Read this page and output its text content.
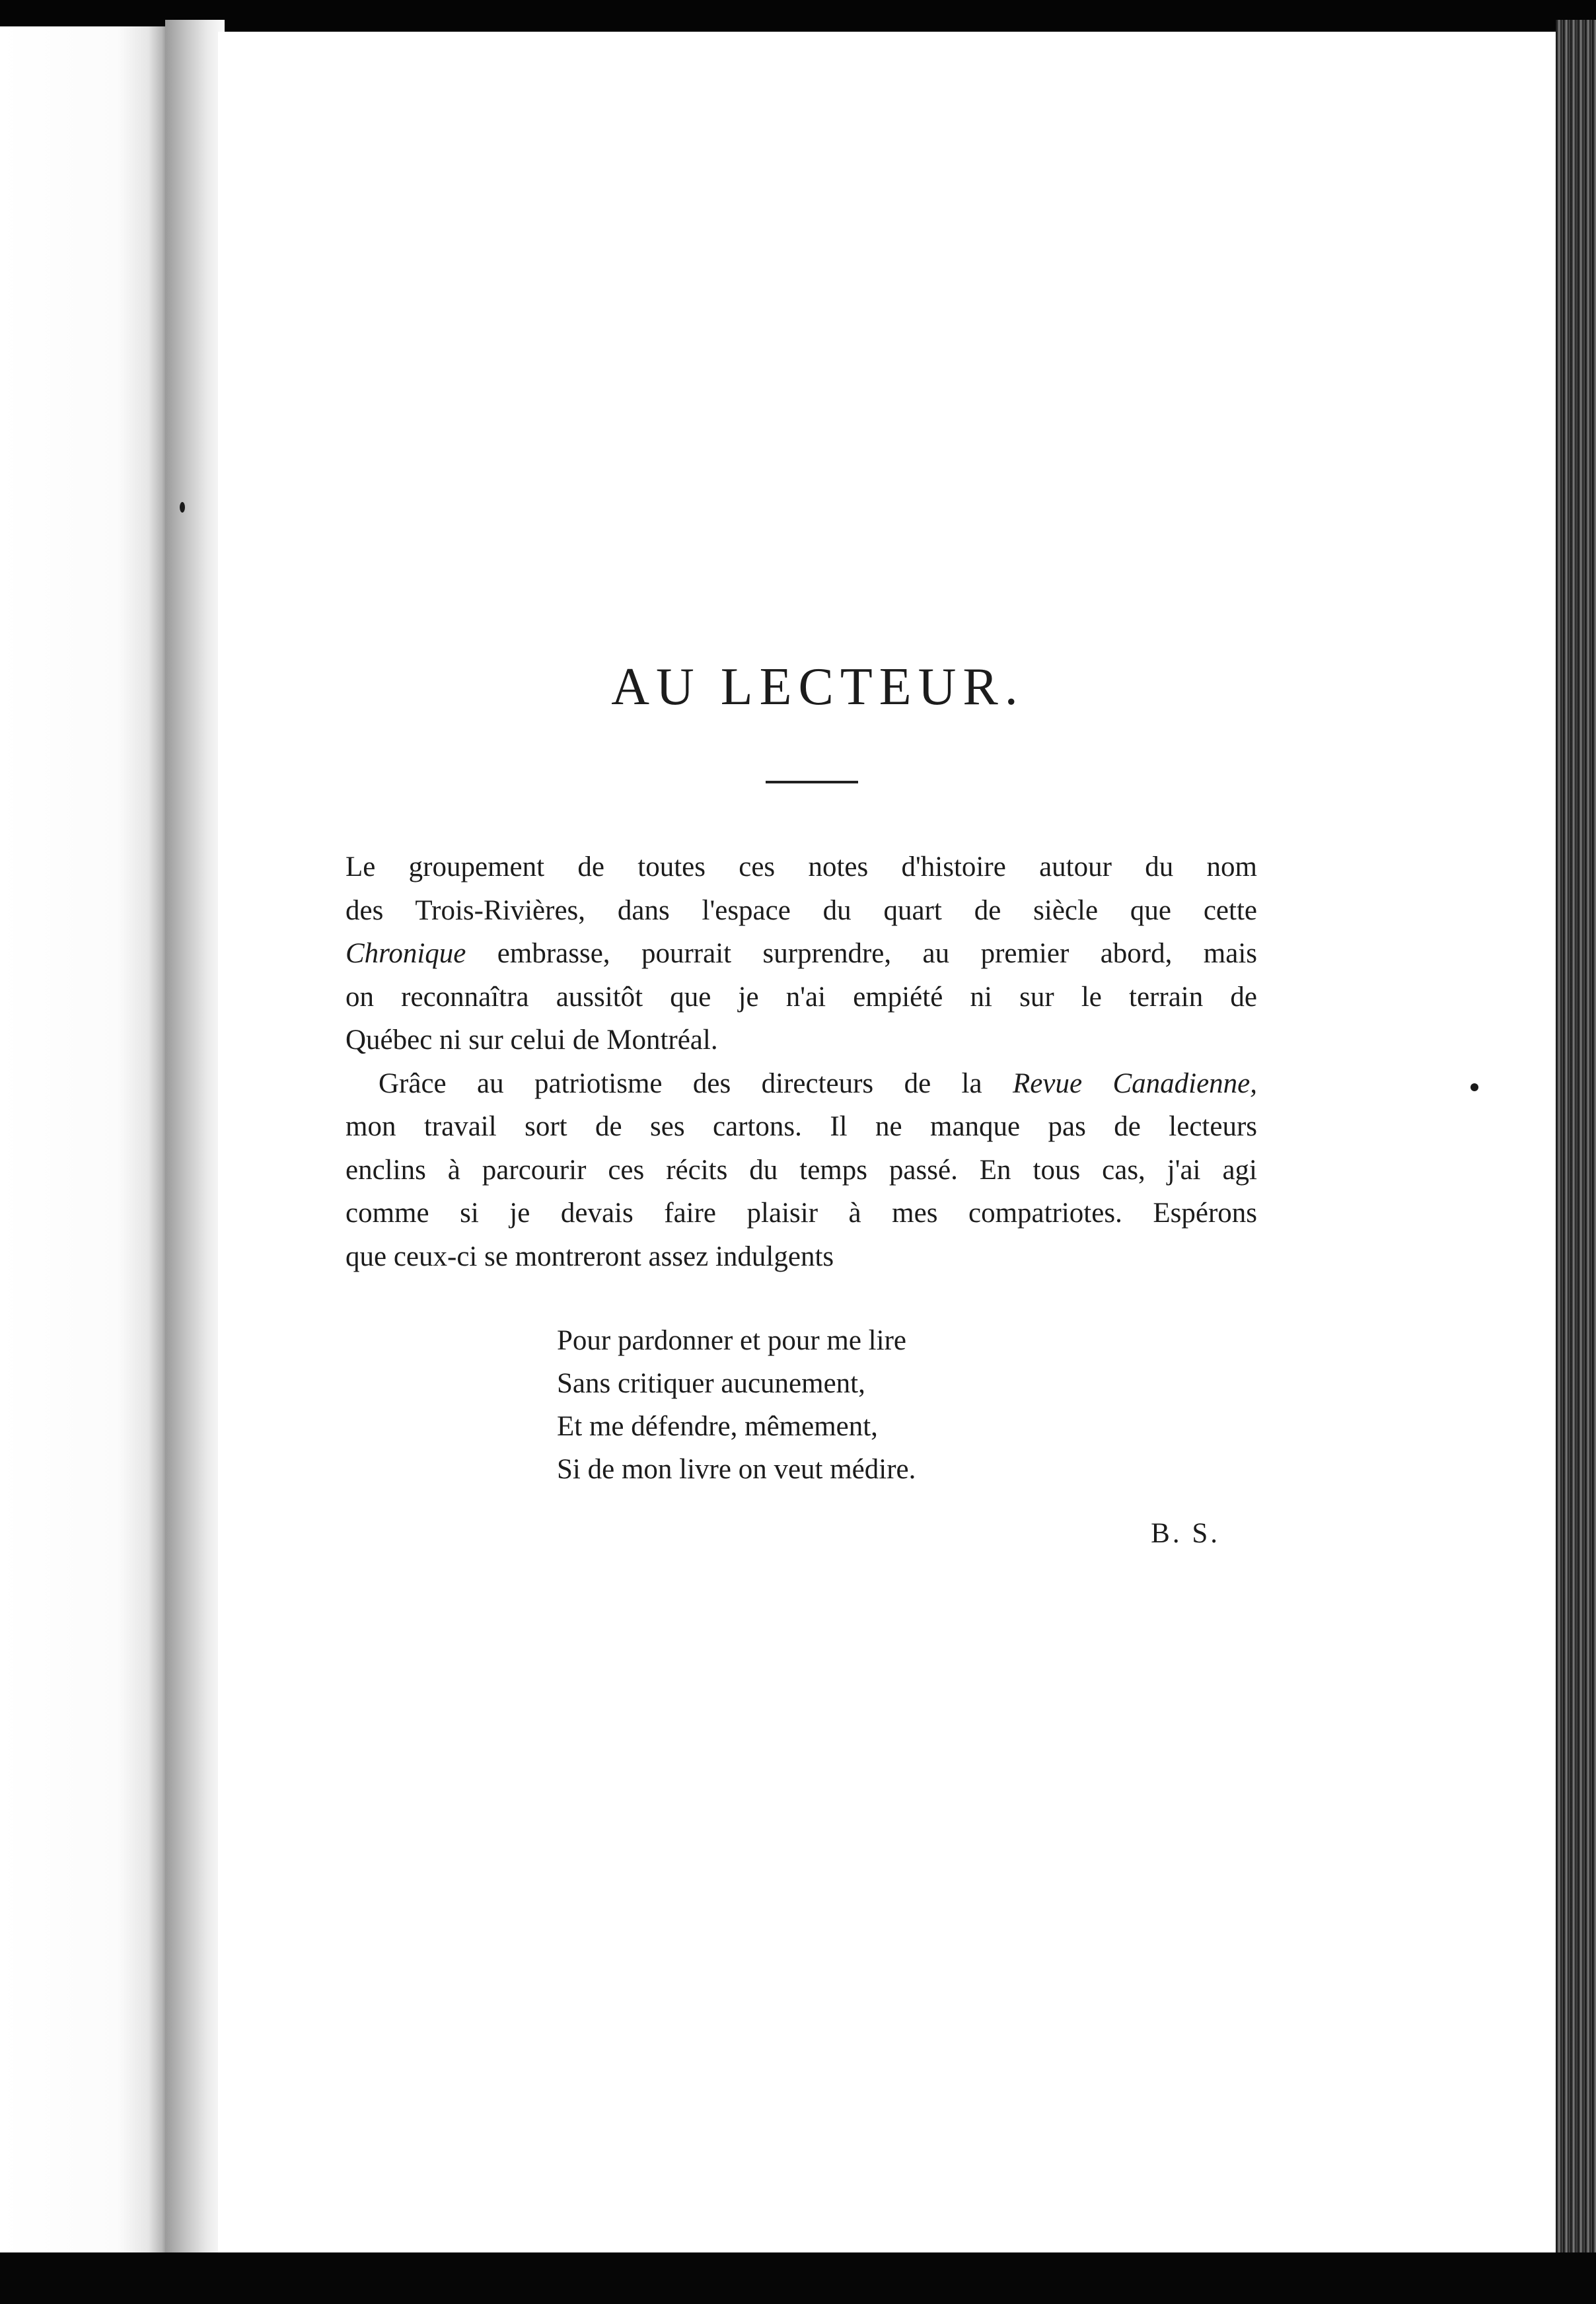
AU LECTEUR.
Le groupement de toutes ces notes d'histoire autour du nom
des Trois-Rivières, dans l'espace du quart de siècle que cette
Chronique embrasse, pourrait surprendre, au premier abord, mais
on reconnaîtra aussitôt que je n'ai empiété ni sur le terrain de
Québec ni sur celui de Montréal.
Grâce au patriotisme des directeurs de la Revue Canadienne,
mon travail sort de ses cartons. Il ne manque pas de lecteurs
enclins à parcourir ces récits du temps passé. En tous cas, j'ai agi
comme si je devais faire plaisir à mes compatriotes. Espérons
que ceux-ci se montreront assez indulgents
Pour pardonner et pour me lire
Sans critiquer aucunement,
Et me défendre, mêmement,
Si de mon livre on veut médire.
B. S.
